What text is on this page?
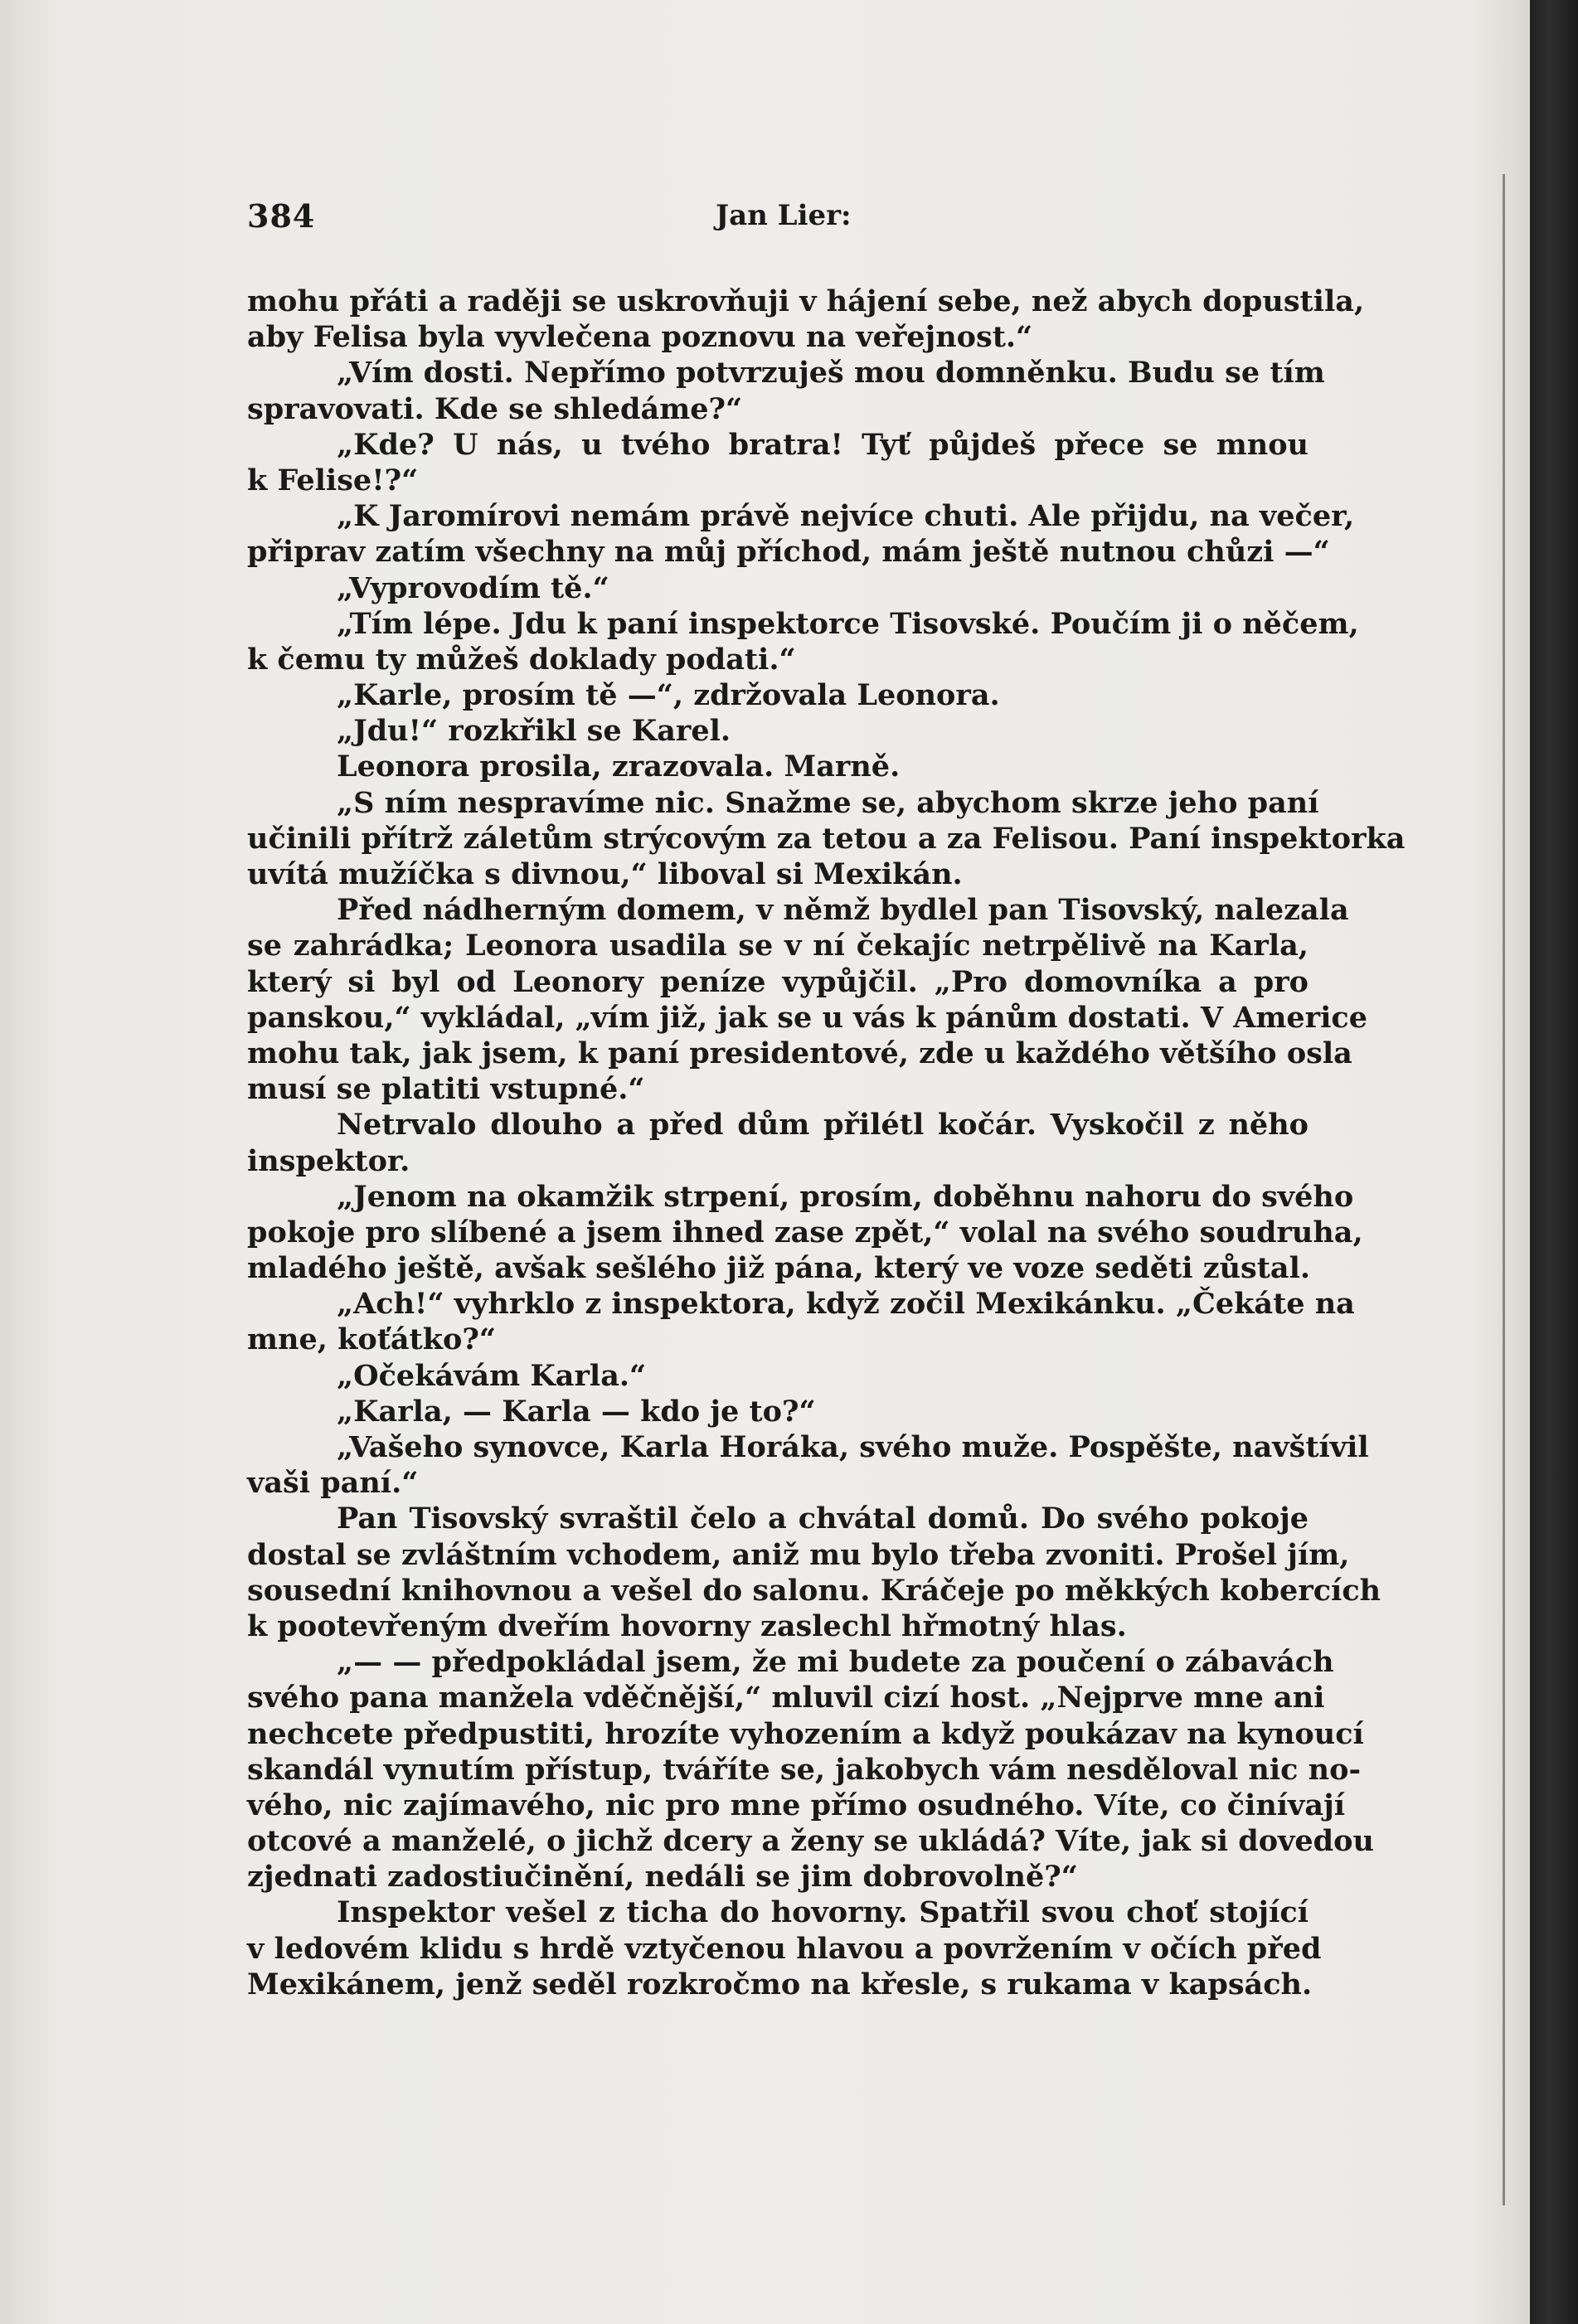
384	Jan Lier:
mohu přáti a raději se uskrovňuji v hájení sebe, než abych dopustila,
aby Felisa byla vyvlečena poznovu na veřejnost.“
„Vím dosti. Nepřímo potvrzuješ mou domněnku. Budu se tím
spravovati. Kde se shledáme?“
„Kde? U nás, u tvého bratra! Tyť půjdeš přece se mnou
k Felise!?“
„K Jaromírovi nemám právě nejvíce chuti. Ale přijdu, na večer,
připrav zatím všechny na můj příchod, mám ještě nutnou chůzi —“
„Vyprovodím tě.“
„Tím lépe. Jdu k paní inspektorce Tisovské. Poučím ji o něčem,
k čemu ty můžeš doklady podati.“
„Karle, prosím tě —“, zdržovala Leonora.
„Jdu!“ rozkřikl se Karel.
Leonora prosila, zrazovala. Marně.
„S ním nespravíme nic. Snažme se, abychom skrze jeho paní
učinili přítrž záletům strýcovým za tetou a za Felisou. Paní inspektorka
uvítá mužíčka s divnou,“ liboval si Mexikán.
Před nádherným domem, v němž bydlel pan Tisovský, nalezala
se zahrádka; Leonora usadila se v ní čekajíc netrpělivě na Karla,
který si byl od Leonory peníze vypůjčil. „Pro domovníka a pro
panskou,“ vykládal, „vím již, jak se u vás k pánům dostati. V Americe
mohu tak, jak jsem, k paní presidentové, zde u každého většího osla
musí se platiti vstupné.“
Netrvalo dlouho a před dům přilétl kočár. Vyskočil z něho
inspektor.
„Jenom na okamžik strpení, prosím, doběhnu nahoru do svého
pokoje pro slíbené a jsem ihned zase zpět,“ volal na svého soudruha,
mladého ještě, avšak sešlého již pána, který ve voze seděti zůstal.
„Ach!“ vyhrklo z inspektora, když zočil Mexikánku. „Čekáte na
mne, koťátko?“
„Očekávám Karla.“
„Karla, — Karla — kdo je to?“
„Vašeho synovce, Karla Horáka, svého muže. Pospěšte, navštívil
vaši paní.“
Pan Tisovský svraštil čelo a chvátal domů. Do svého pokoje
dostal se zvláštním vchodem, aniž mu bylo třeba zvoniti. Prošel jím,
sousední knihovnou a vešel do salonu. Kráčeje po měkkých kobercích
k pootevřeným dveřím hovorny zaslechl hřmotný hlas.
„— — předpokládal jsem, že mi budete za poučení o zábavách
svého pana manžela vděčnější,“ mluvil cizí host. „Nejprve mne ani
nechcete předpustiti, hrozíte vyhozením a když poukázav na kynoucí
skandál vynutím přístup, tváříte se, jakobych vám nesděloval nic no-
vého, nic zajímavého, nic pro mne přímo osudného. Víte, co činívají
otcové a manželé, o jichž dcery a ženy se ukládá? Víte, jak si dovedou
zjednati zadostiučinění, nedáli se jim dobrovolně?“
Inspektor vešel z ticha do hovorny. Spatřil svou choť stojící
v ledovém klidu s hrdě vztyčenou hlavou a povržením v očích před
Mexikánem, jenž seděl rozkročmo na křesle, s rukama v kapsách.
